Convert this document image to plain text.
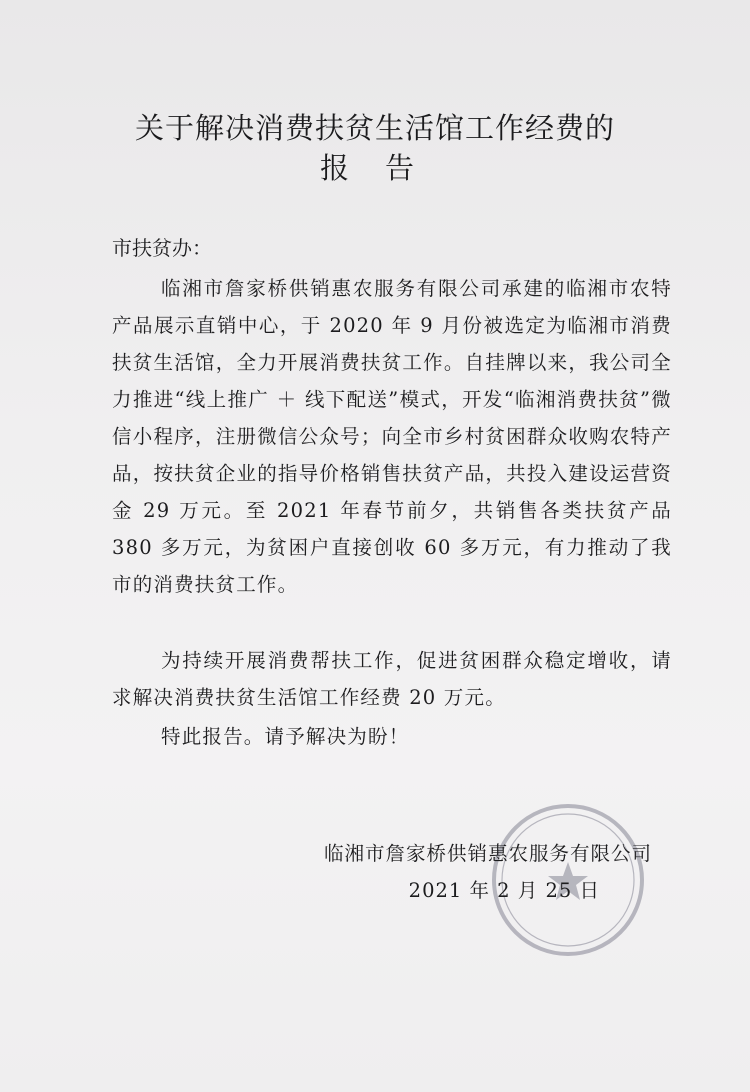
关于解决消费扶贫生活馆工作经费的
报告
市扶贫办：
临湘市詹家桥供销惠农服务有限公司承建的临湘市农特产品展示直销中心，于 2020 年 9 月份被选定为临湘市消费扶贫生活馆，全力开展消费扶贫工作。自挂牌以来，我公司全力推进“线上推广 ＋ 线下配送”模式，开发“临湘消费扶贫”微信小程序，注册微信公众号；向全市乡村贫困群众收购农特产品，按扶贫企业的指导价格销售扶贫产品，共投入建设运营资金 29 万元。至 2021 年春节前夕，共销售各类扶贫产品 380 多万元，为贫困户直接创收 60 多万元，有力推动了我市的消费扶贫工作。
为持续开展消费帮扶工作，促进贫困群众稳定增收，请求解决消费扶贫生活馆工作经费 20 万元。
特此报告。请予解决为盼！
临湘市詹家桥供销惠农服务有限公司
2021 年 2 月 25 日
